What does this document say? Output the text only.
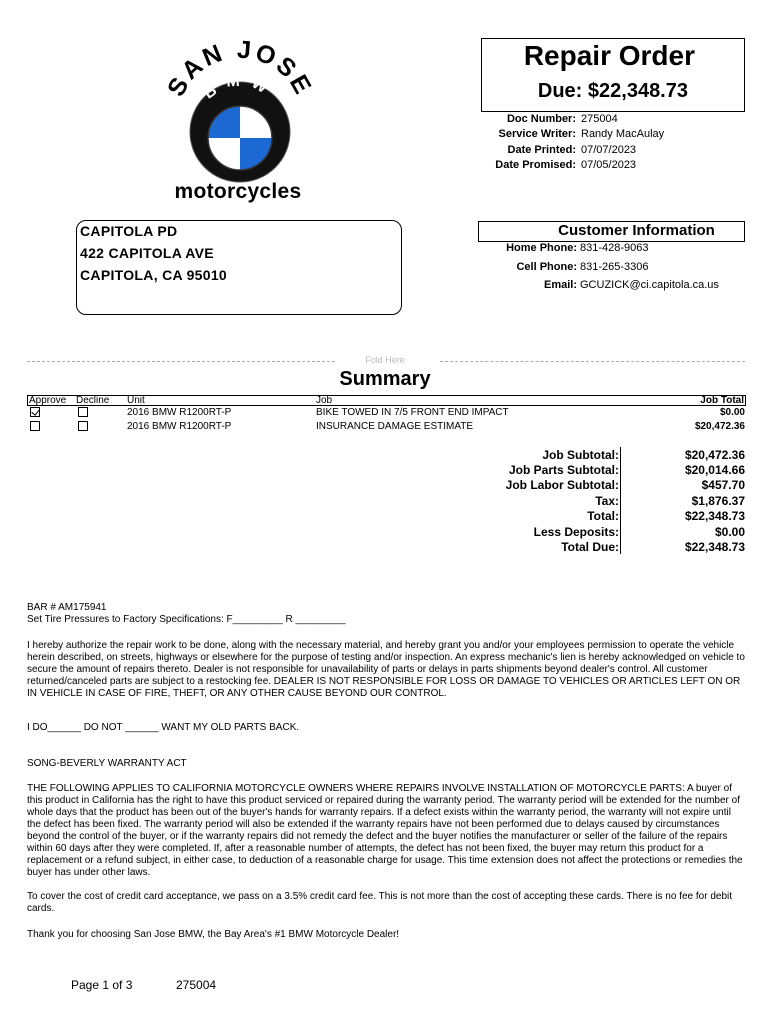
SAN JOSE
BMW
motorcycles
Repair Order
Due: $22,348.73
Doc Number: 275004
Service Writer: Randy MacAulay
Date Printed: 07/07/2023
Date Promised: 07/05/2023
CAPITOLA PD
422 CAPITOLA AVE
CAPITOLA, CA 95010
Customer Information
Home Phone: 831-428-9063
Cell Phone: 831-265-3306
Email: GCUZICK@ci.capitola.ca.us
Fold Here
Summary
Approve Decline Unit	Job	Job Total
2016 BMW R1200RT-P	BIKE TOWED IN 7/5 FRONT END IMPACT	$0.00
2016 BMW R1200RT-P	INSURANCE DAMAGE ESTIMATE	$20,472.36
Job Subtotal:	$20,472.36
Job Parts Subtotal:	$20,014.66
Job Labor Subtotal:	$457.70
Tax:	$1,876.37
Total:	$22,348.73
Less Deposits:	$0.00
Total Due:	$22,348.73
BAR # AM175941
Set Tire Pressures to Factory Specifications: F_________ R _________
I hereby authorize the repair work to be done, along with the necessary material, and hereby grant you and/or your employees permission to operate the vehicle herein described, on streets, highways or elsewhere for the purpose of testing and/or inspection. An express mechanic's lien is hereby acknowledged on vehicle to secure the amount of repairs thereto. Dealer is not responsible for unavailability of parts or delays in parts shipments beyond dealer's control. All customer returned/canceled parts are subject to a restocking fee. DEALER IS NOT RESPONSIBLE FOR LOSS OR DAMAGE TO VEHICLES OR ARTICLES LEFT ON OR IN VEHICLE IN CASE OF FIRE, THEFT, OR ANY OTHER CAUSE BEYOND OUR CONTROL.
I DO______ DO NOT ______ WANT MY OLD PARTS BACK.
SONG-BEVERLY WARRANTY ACT
THE FOLLOWING APPLIES TO CALIFORNIA MOTORCYCLE OWNERS WHERE REPAIRS INVOLVE INSTALLATION OF MOTORCYCLE PARTS: A buyer of this product in California has the right to have this product serviced or repaired during the warranty period. The warranty period will be extended for the number of whole days that the product has been out of the buyer's hands for warranty repairs. If a defect exists within the warranty period, the warranty will not expire until the defect has been fixed. The warranty period will also be extended if the warranty repairs have not been performed due to delays caused by circumstances beyond the control of the buyer, or if the warranty repairs did not remedy the defect and the buyer notifies the manufacturer or seller of the failure of the repairs within 60 days after they were completed. If, after a reasonable number of attempts, the defect has not been fixed, the buyer may return this product for a replacement or a refund subject, in either case, to deduction of a reasonable charge for usage. This time extension does not affect the protections or remedies the buyer has under other laws.
To cover the cost of credit card acceptance, we pass on a 3.5% credit card fee. This is not more than the cost of accepting these cards. There is no fee for debit cards.
Thank you for choosing San Jose BMW, the Bay Area's #1 BMW Motorcycle Dealer!
Page 1 of 3	275004
